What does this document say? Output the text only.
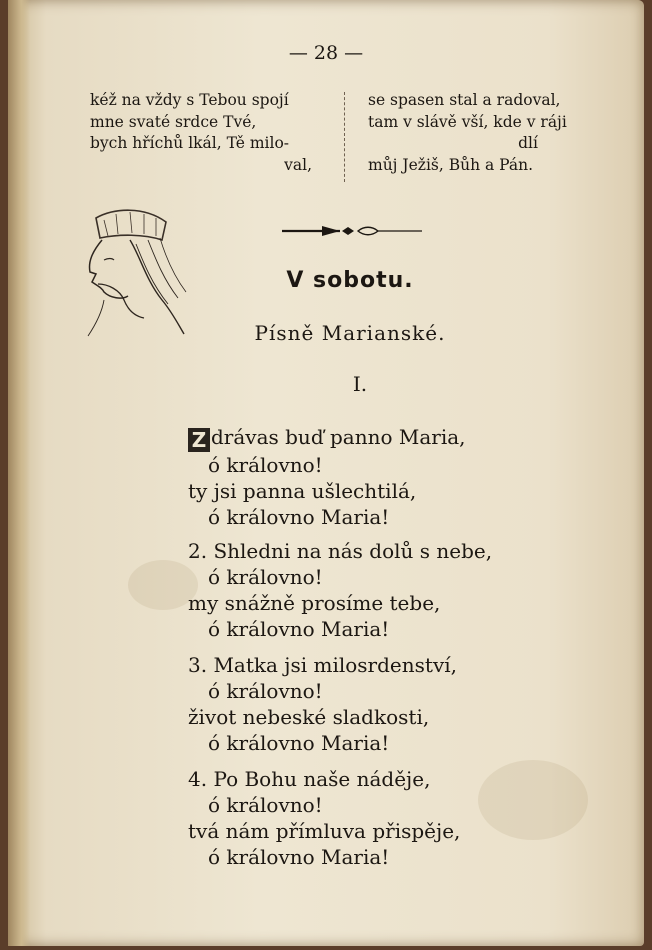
— 28 —
kéž na vždy s Tebou spojí
mne svaté srdce Tvé,
bych hříchů lkál, Tě milo-
val,
se spasen stal a radoval,
tam v slávě vší, kde v ráji
dlí
můj Ježiš, Bůh a Pán.
V sobotu.
Písně Marianské.
I.
Z drávas buď panno Maria,
ó královno!
ty jsi panna ušlechtilá,
ó královno Maria!
2. Shledni na nás dolů s nebe,
ó královno!
my snážně prosíme tebe,
ó královno Maria!
3. Matka jsi milosrdenství,
ó královno!
život nebeské sladkosti,
ó královno Maria!
4. Po Bohu naše náděje,
ó královno!
tvá nám přímluva přispěje,
ó královno Maria!
